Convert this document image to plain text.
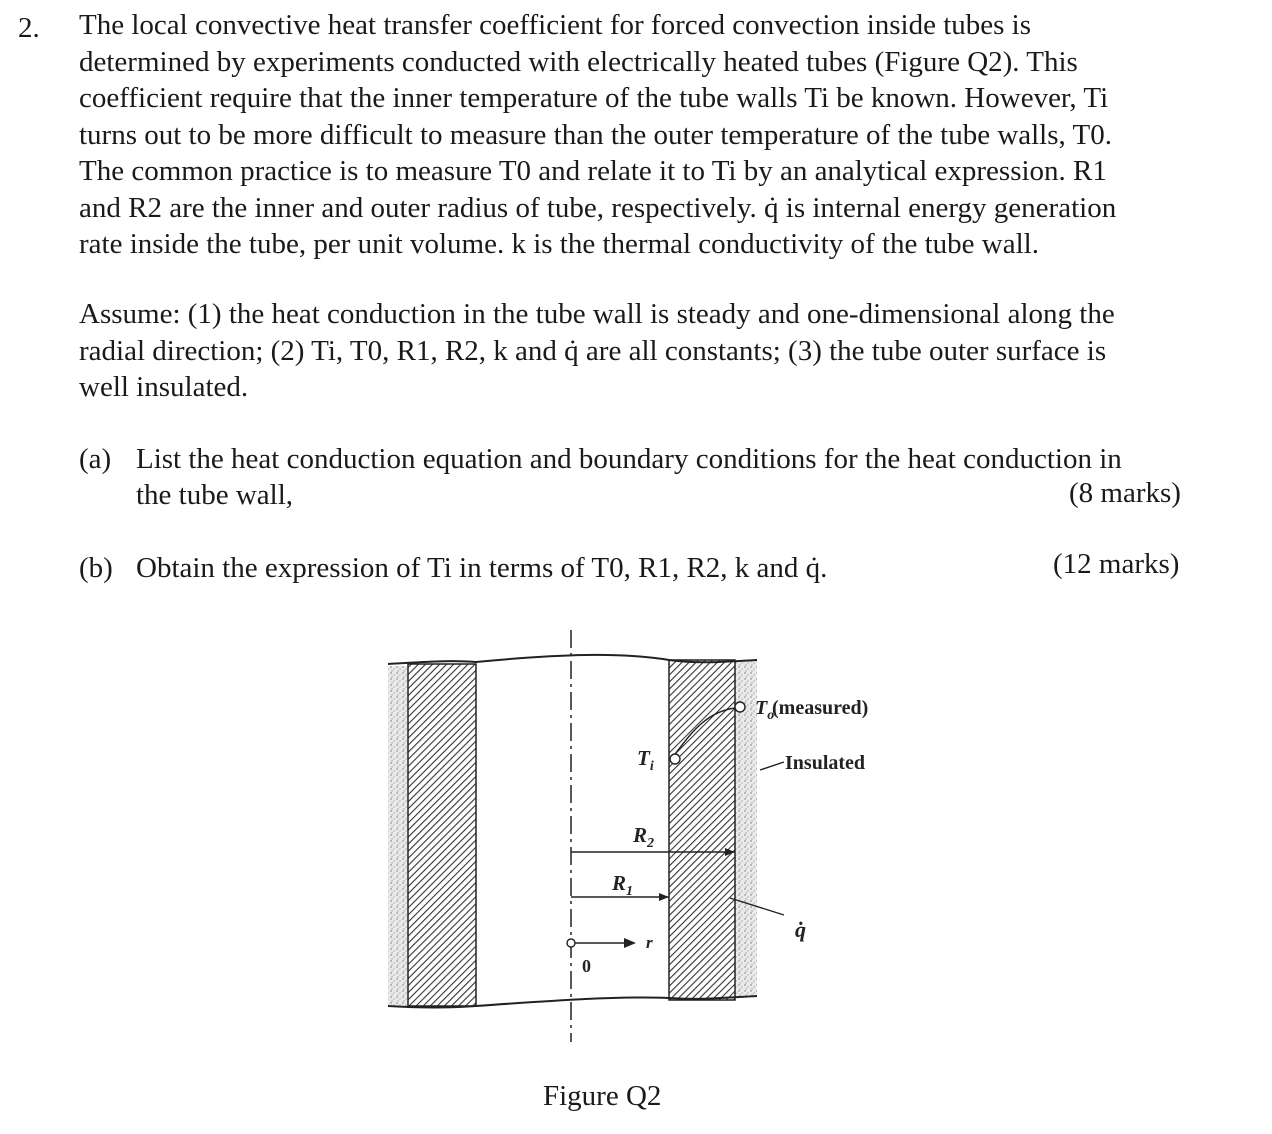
2. The local convective heat transfer coefficient for forced convection inside tubes is
determined by experiments conducted with electrically heated tubes (Figure Q2). This
coefficient require that the inner temperature of the tube walls Ti be known. However, Ti
turns out to be more difficult to measure than the outer temperature of the tube walls, T0.
The common practice is to measure T0 and relate it to Ti by an analytical expression. R1
and R2 are the inner and outer radius of tube, respectively. q̇ is internal energy generation
rate inside the tube, per unit volume. k is the thermal conductivity of the tube wall.
Assume: (1) the heat conduction in the tube wall is steady and one-dimensional along the
radial direction; (2) Ti, T0, R1, R2, k and q̇ are all constants; (3) the tube outer surface is
well insulated.
(a) List the heat conduction equation and boundary conditions for the heat conduction in
the tube wall,	(8 marks)
(b) Obtain the expression of Ti in terms of T0, R1, R2, k and q̇.	(12 marks)
$T_o$
(measured)
Insulated
$T_i$
$R_2$
$R_1$
r
0
q̇
Figure Q2
